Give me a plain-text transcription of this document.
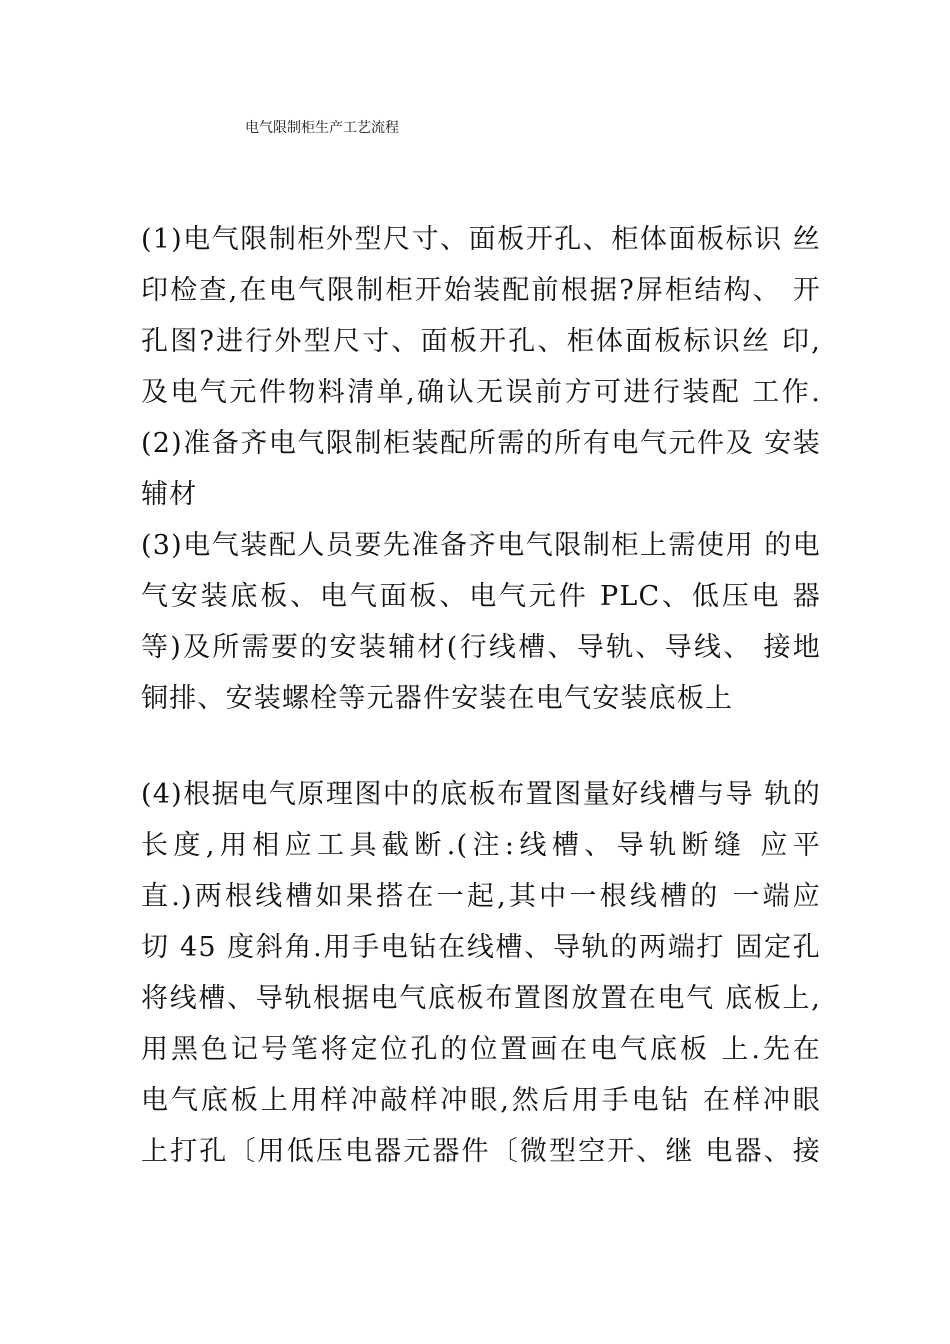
电气限制柜生产工艺流程
(1)电气限制柜外型尺寸、面板开孔、柜体面板标识 丝
印检查,在电气限制柜开始装配前根据?屏柜结构、 开
孔图?进行外型尺寸、面板开孔、柜体面板标识丝 印,
及电气元件物料清单,确认无误前方可进行装配 工作.
(2)准备齐电气限制柜装配所需的所有电气元件及 安装
辅材
(3)电气装配人员要先准备齐电气限制柜上需使用 的电
气安装底板、电气面板、电气元件 PLC、低压电 器
等)及所需要的安装辅材(行线槽、导轨、导线、 接地
铜排、安装螺栓等元器件安装在电气安装底板上
(4)根据电气原理图中的底板布置图量好线槽与导 轨的
长度,用相应工具截断.(注:线槽、导轨断缝 应平
直.)两根线槽如果搭在一起,其中一根线槽的 一端应
切 45 度斜角.用手电钻在线槽、导轨的两端打 固定孔
将线槽、导轨根据电气底板布置图放置在电气 底板上,
用黑色记号笔将定位孔的位置画在电气底板 上.先在
电气底板上用样冲敲样冲眼,然后用手电钻 在样冲眼
上打孔〔用低压电器元器件〔微型空开、继 电器、接
